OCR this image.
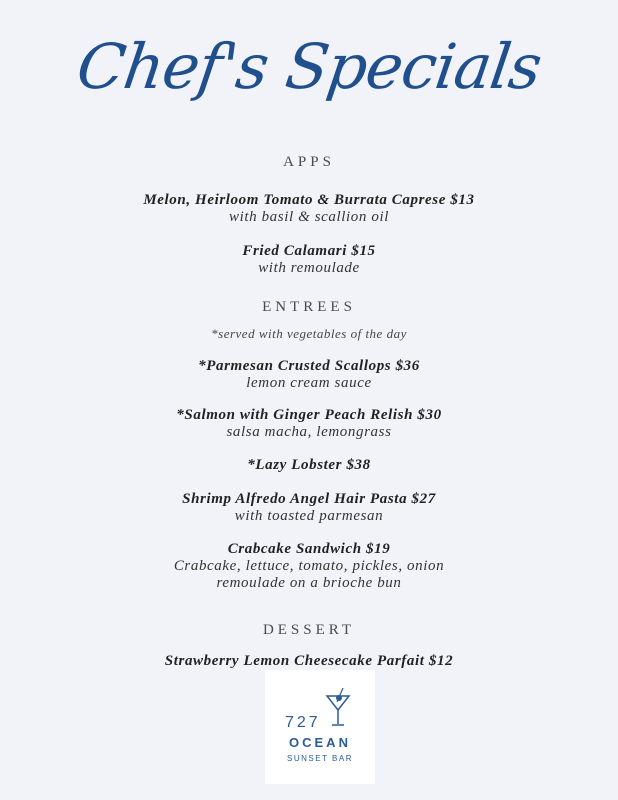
Chef's Specials
APPS
Melon, Heirloom Tomato & Burrata Caprese $13
with basil & scallion oil
Fried Calamari $15
with remoulade
ENTREES
*served with vegetables of the day
*Parmesan Crusted Scallops $36
lemon cream sauce
*Salmon with Ginger Peach Relish $30
salsa macha, lemongrass
*Lazy Lobster $38
Shrimp Alfredo Angel Hair Pasta $27
with toasted parmesan
Crabcake Sandwich $19
Crabcake, lettuce, tomato, pickles, onion
remoulade on a brioche bun
DESSERT
Strawberry Lemon Cheesecake Parfait $12
727
OCEAN
SUNSET BAR
